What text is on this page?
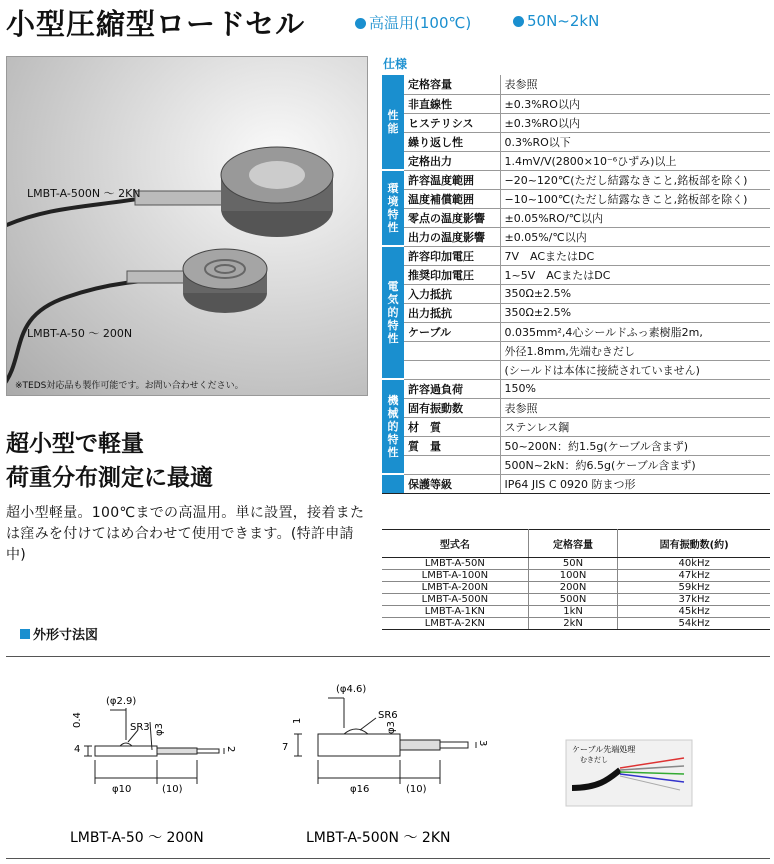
小型圧縮型ロードセル	高温用(100℃)	50N~2kN
LMBT-A-500N ～ 2KN
LMBT-A-50 ～ 200N
※TEDS対応品も製作可能です。お問い合わせください。
超小型で軽量
荷重分布測定に最適
超小型軽量。100℃までの高温用。単に設置，接着または窪みを付けてはめ合わせて使用できます。(特許申請中)
仕様
性能	定格容量	表参照
	非直線性	±0.3%RO以内
	ヒステリシス	±0.3%RO以内
	繰り返し性	0.3%RO以下
	定格出力	1.4mV/V(2800×10⁻⁶ひずみ)以上
環境特性	許容温度範囲	−20~120℃(ただし結露なきこと,銘板部を除く)
	温度補償範囲	−10~100℃(ただし結露なきこと,銘板部を除く)
	零点の温度影響	±0.05%RO/℃以内
	出力の温度影響	±0.05%/℃以内
電気的特性	許容印加電圧	7V　ACまたはDC
	推奨印加電圧	1~5V　ACまたはDC
	入力抵抗	350Ω±2.5%
	出力抵抗	350Ω±2.5%
	ケーブル	0.035mm²,4心シールドふっ素樹脂2m,
		外径1.8mm,先端むきだし
		(シールドは本体に接続されていません)
機械的特性	許容過負荷	150%
	固有振動数	表参照
	材　質	ステンレス鋼
	質　量	50~200N：約1.5g(ケーブル含まず)
		500N~2kN：約6.5g(ケーブル含まず)
	保護等級	IP64 JIS C 0920 防まつ形
型式名	定格容量	固有振動数(約)
LMBT-A-50N	50N	40kHz
LMBT-A-100N	100N	47kHz
LMBT-A-200N	200N	59kHz
LMBT-A-500N	500N	37kHz
LMBT-A-1KN	1kN	45kHz
LMBT-A-2KN	2kN	54kHz
外形寸法図
(φ2.9)
SR3 φ3
0.4
4	2
φ10	(10)
LMBT-A-50 ～ 200N
(φ4.6)
SR6
φ3
1
7	3
φ16	(10)
LMBT-A-500N ～ 2KN
ケーブル先端処理
むきだし
